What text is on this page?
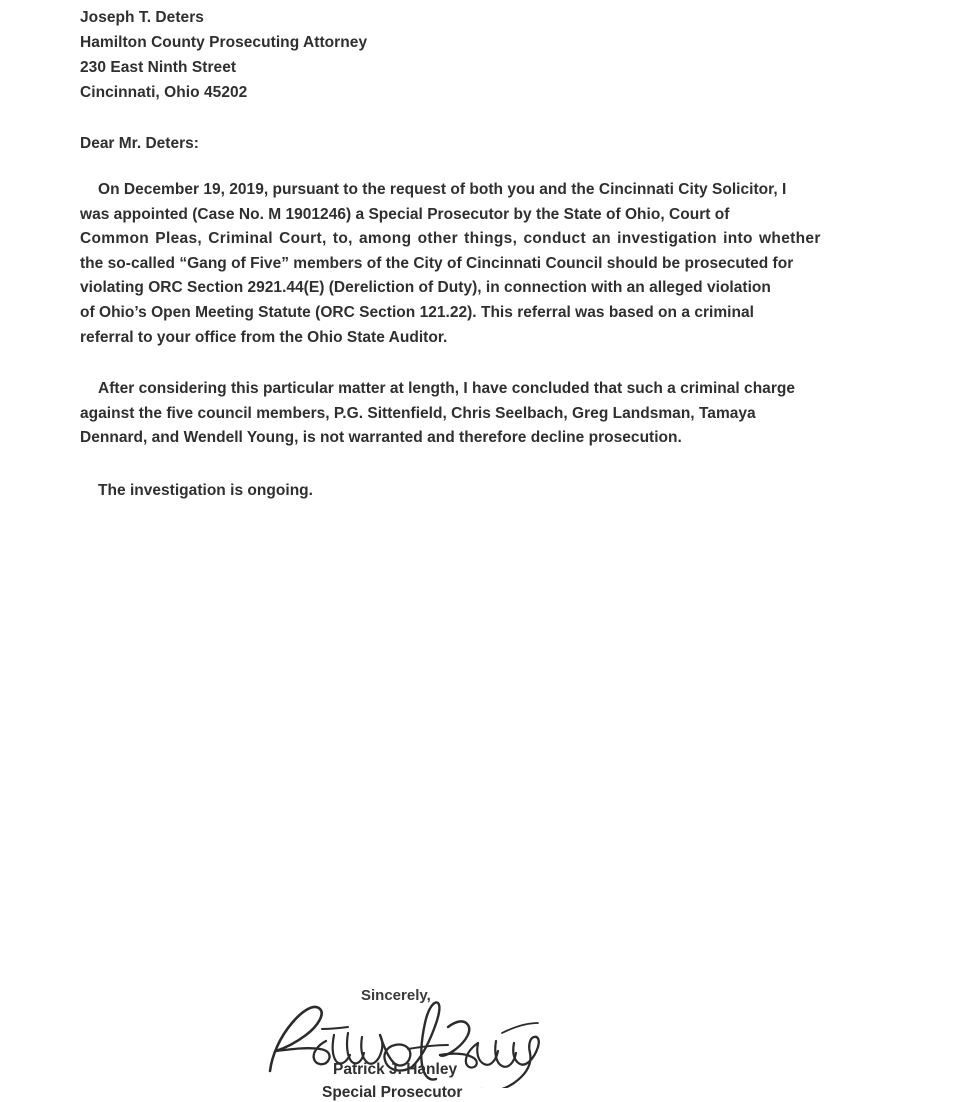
Joseph T. Deters
Hamilton County Prosecuting Attorney
230 East Ninth Street
Cincinnati, Ohio 45202
Dear Mr. Deters:
On December 19, 2019, pursuant to the request of both you and the Cincinnati City Solicitor, I
was appointed (Case No. M 1901246) a Special Prosecutor by the State of Ohio, Court of
Common Pleas, Criminal Court, to, among other things, conduct an investigation into whether
the so-called “Gang of Five” members of the City of Cincinnati Council should be prosecuted for
violating ORC Section 2921.44(E) (Dereliction of Duty), in connection with an alleged violation
of Ohio’s Open Meeting Statute (ORC Section 121.22). This referral was based on a criminal
referral to your office from the Ohio State Auditor.
After considering this particular matter at length, I have concluded that such a criminal charge
against the five council members, P.G. Sittenfield, Chris Seelbach, Greg Landsman, Tamaya
Dennard, and Wendell Young, is not warranted and therefore decline prosecution.
The investigation is ongoing.
Sincerely,
Patrick J. Hanley
Special Prosecutor
